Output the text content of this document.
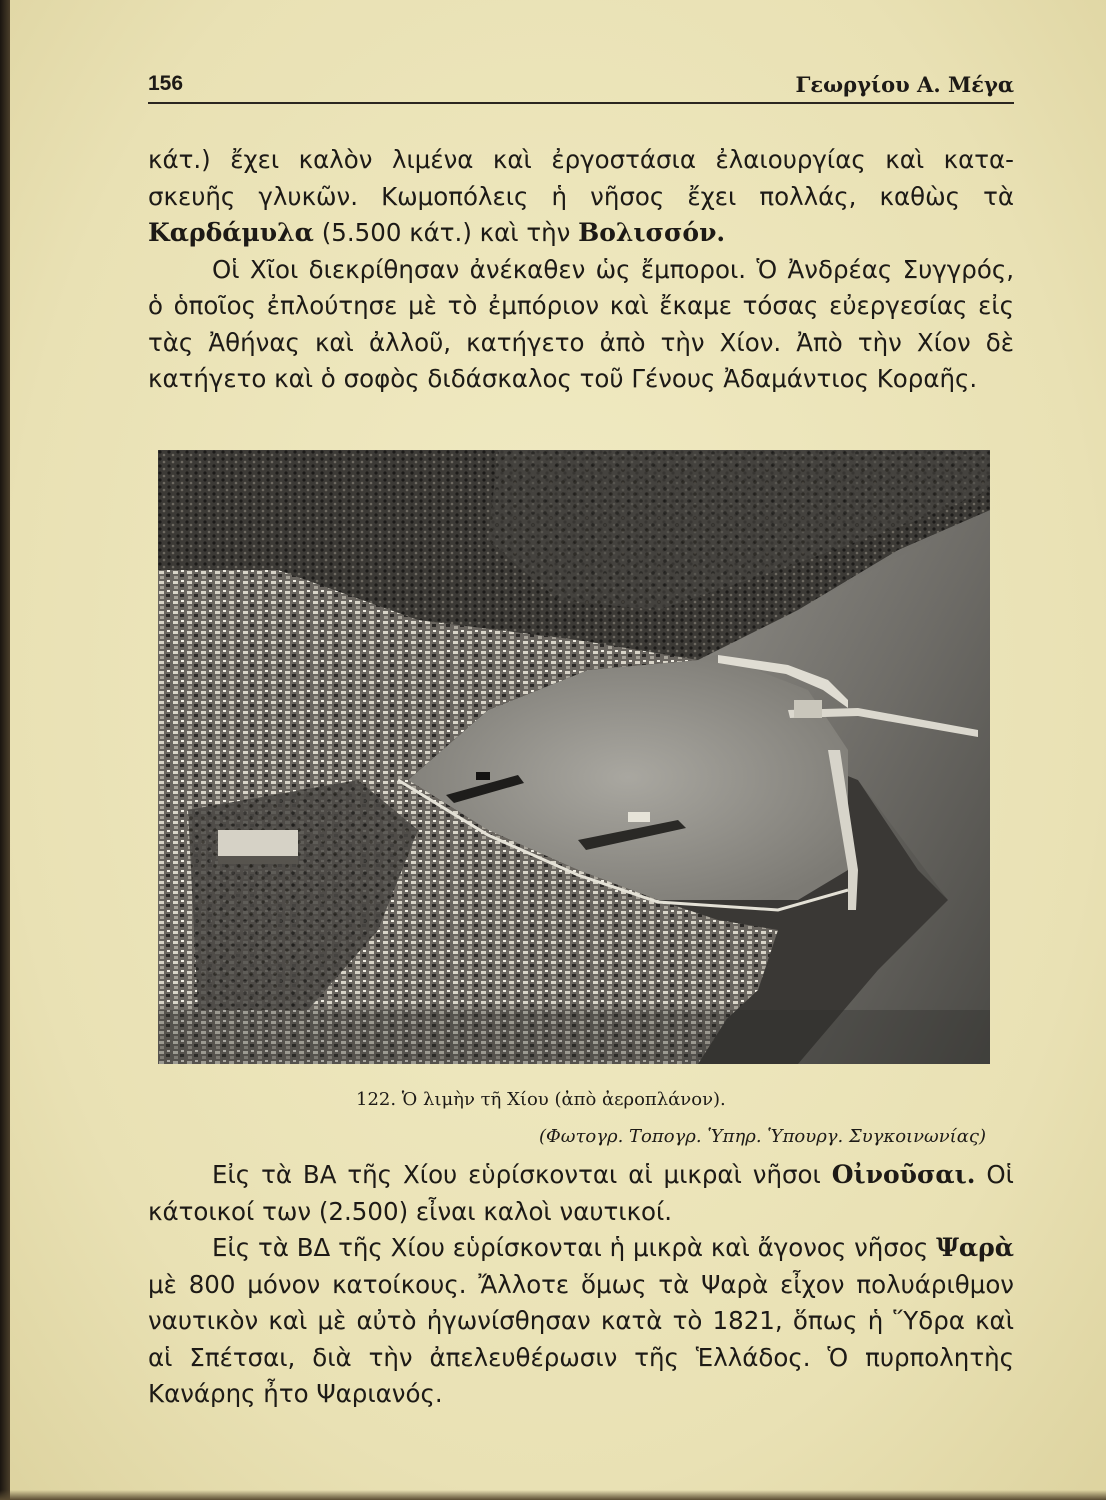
156	Γεωργίου Α. Μέγα

κάτ.) ἔχει καλὸν λιμένα καὶ ἐργοστάσια ἐλαιουργίας καὶ κατα- σκευῆς γλυκῶν. Κωμοπόλεις ἡ νῆσος ἔχει πολλάς, καθὼς τὰ Καρδάμυλα (5.500 κάτ.) καὶ τὴν Βολισσόν.

Οἱ Χῖοι διεκρίθησαν ἀνέκαθεν ὡς ἔμποροι. Ὁ Ἀνδρέας Συγγρός, ὁ ὁποῖος ἐπλούτησε μὲ τὸ ἐμπόριον καὶ ἔκαμε τόσας εὐεργεσίας εἰς τὰς Ἀθήνας καὶ ἀλλοῦ, κατήγετο ἀπὸ τὴν Χίον. Ἀπὸ τὴν Χίον δὲ κατήγετο καὶ ὁ σοφὸς διδάσκαλος τοῦ Γένους Ἀδαμάντιος Κοραῆς.

122. Ὁ λιμὴν τῆ Χίου (ἀπὸ ἀεροπλάνον).
(Φωτογρ. Τοπογρ. Ὑπηρ. Ὑπουργ. Συγκοινωνίας)

Εἰς τὰ ΒΑ τῆς Χίου εὑρίσκονται αἱ μικραὶ νῆσοι Οἰνοῦσαι. Οἱ κάτοικοί των (2.500) εἶναι καλοὶ ναυτικοί.

Εἰς τὰ ΒΔ τῆς Χίου εὑρίσκονται ἡ μικρὰ καὶ ἄγονος νῆσος Ψαρὰ μὲ 800 μόνον κατοίκους. Ἄλλοτε ὅμως τὰ Ψαρὰ εἶχον πολυάριθμον ναυτικὸν καὶ μὲ αὐτὸ ἠγωνίσθησαν κατὰ τὸ 1821, ὅπως ἡ Ὕδρα καὶ αἱ Σπέτσαι, διὰ τὴν ἀπελευθέρωσιν τῆς Ἑλλάδος. Ὁ πυρπολητὴς Κανάρης ἦτο Ψαριανός.
